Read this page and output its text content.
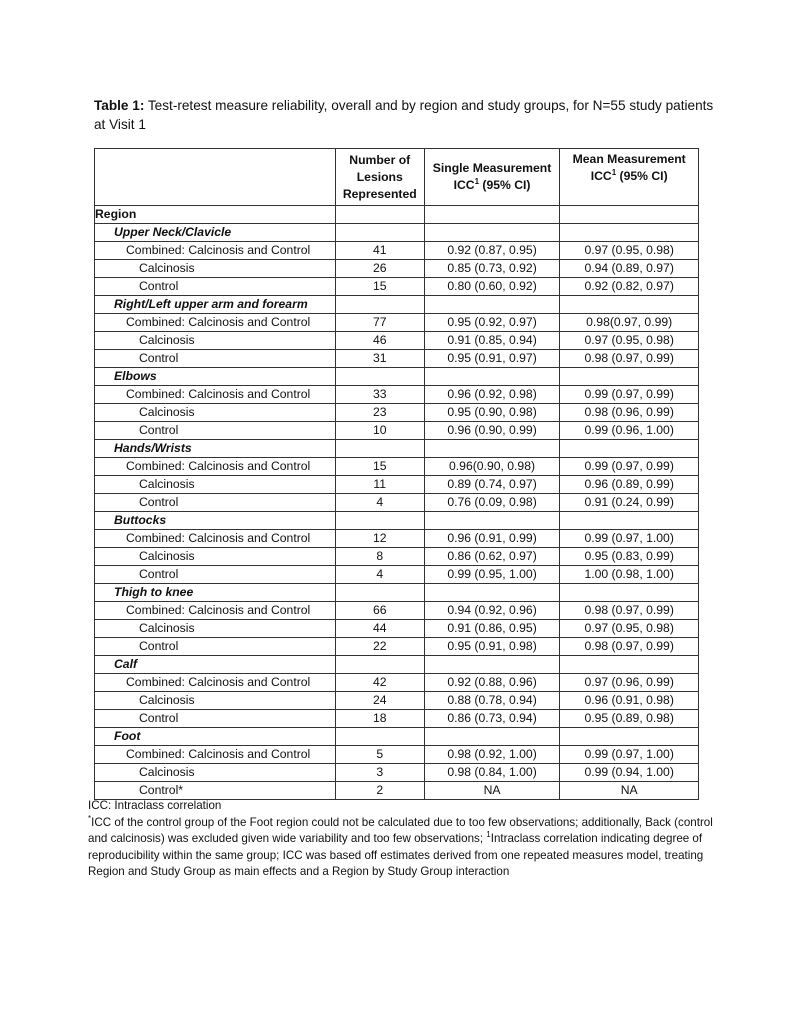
Table 1: Test-retest measure reliability, overall and by region and study groups, for N=55 study patients at Visit 1
	Number of Lesions Represented	Single Measurement ICC$^1$ (95% CI)	Mean Measurement ICC$^1$ (95% CI)
Region			
Upper Neck/Clavicle			
Combined: Calcinosis and Control	41	0.92 (0.87, 0.95)	0.97 (0.95, 0.98)
Calcinosis	26	0.85 (0.73, 0.92)	0.94 (0.89, 0.97)
Control	15	0.80 (0.60, 0.92)	0.92 (0.82, 0.97)
Right/Left upper arm and forearm			
Combined: Calcinosis and Control	77	0.95 (0.92, 0.97)	0.98(0.97, 0.99)
Calcinosis	46	0.91 (0.85, 0.94)	0.97 (0.95, 0.98)
Control	31	0.95 (0.91, 0.97)	0.98 (0.97, 0.99)
Elbows			
Combined: Calcinosis and Control	33	0.96 (0.92, 0.98)	0.99 (0.97, 0.99)
Calcinosis	23	0.95 (0.90, 0.98)	0.98 (0.96, 0.99)
Control	10	0.96 (0.90, 0.99)	0.99 (0.96, 1.00)
Hands/Wrists			
Combined: Calcinosis and Control	15	0.96(0.90, 0.98)	0.99 (0.97, 0.99)
Calcinosis	11	0.89 (0.74, 0.97)	0.96 (0.89, 0.99)
Control	4	0.76 (0.09, 0.98)	0.91 (0.24, 0.99)
Buttocks			
Combined: Calcinosis and Control	12	0.96 (0.91, 0.99)	0.99 (0.97, 1.00)
Calcinosis	8	0.86 (0.62, 0.97)	0.95 (0.83, 0.99)
Control	4	0.99 (0.95, 1.00)	1.00 (0.98, 1.00)
Thigh to knee			
Combined: Calcinosis and Control	66	0.94 (0.92, 0.96)	0.98 (0.97, 0.99)
Calcinosis	44	0.91 (0.86, 0.95)	0.97 (0.95, 0.98)
Control	22	0.95 (0.91, 0.98)	0.98 (0.97, 0.99)
Calf			
Combined: Calcinosis and Control	42	0.92 (0.88, 0.96)	0.97 (0.96, 0.99)
Calcinosis	24	0.88 (0.78, 0.94)	0.96 (0.91, 0.98)
Control	18	0.86 (0.73, 0.94)	0.95 (0.89, 0.98)
Foot			
Combined: Calcinosis and Control	5	0.98 (0.92, 1.00)	0.99 (0.97, 1.00)
Calcinosis	3	0.98 (0.84, 1.00)	0.99 (0.94, 1.00)
Control*	2	NA	NA

ICC: Intraclass correlation

*ICC of the control group of the Foot region could not be calculated due to too few observations; additionally, Back (control and calcinosis) was excluded given wide variability and too few observations; $^1$Intraclass correlation indicating degree of reproducibility within the same group; ICC was based off estimates derived from one repeated measures model, treating Region and Study Group as main effects and a Region by Study Group interaction
